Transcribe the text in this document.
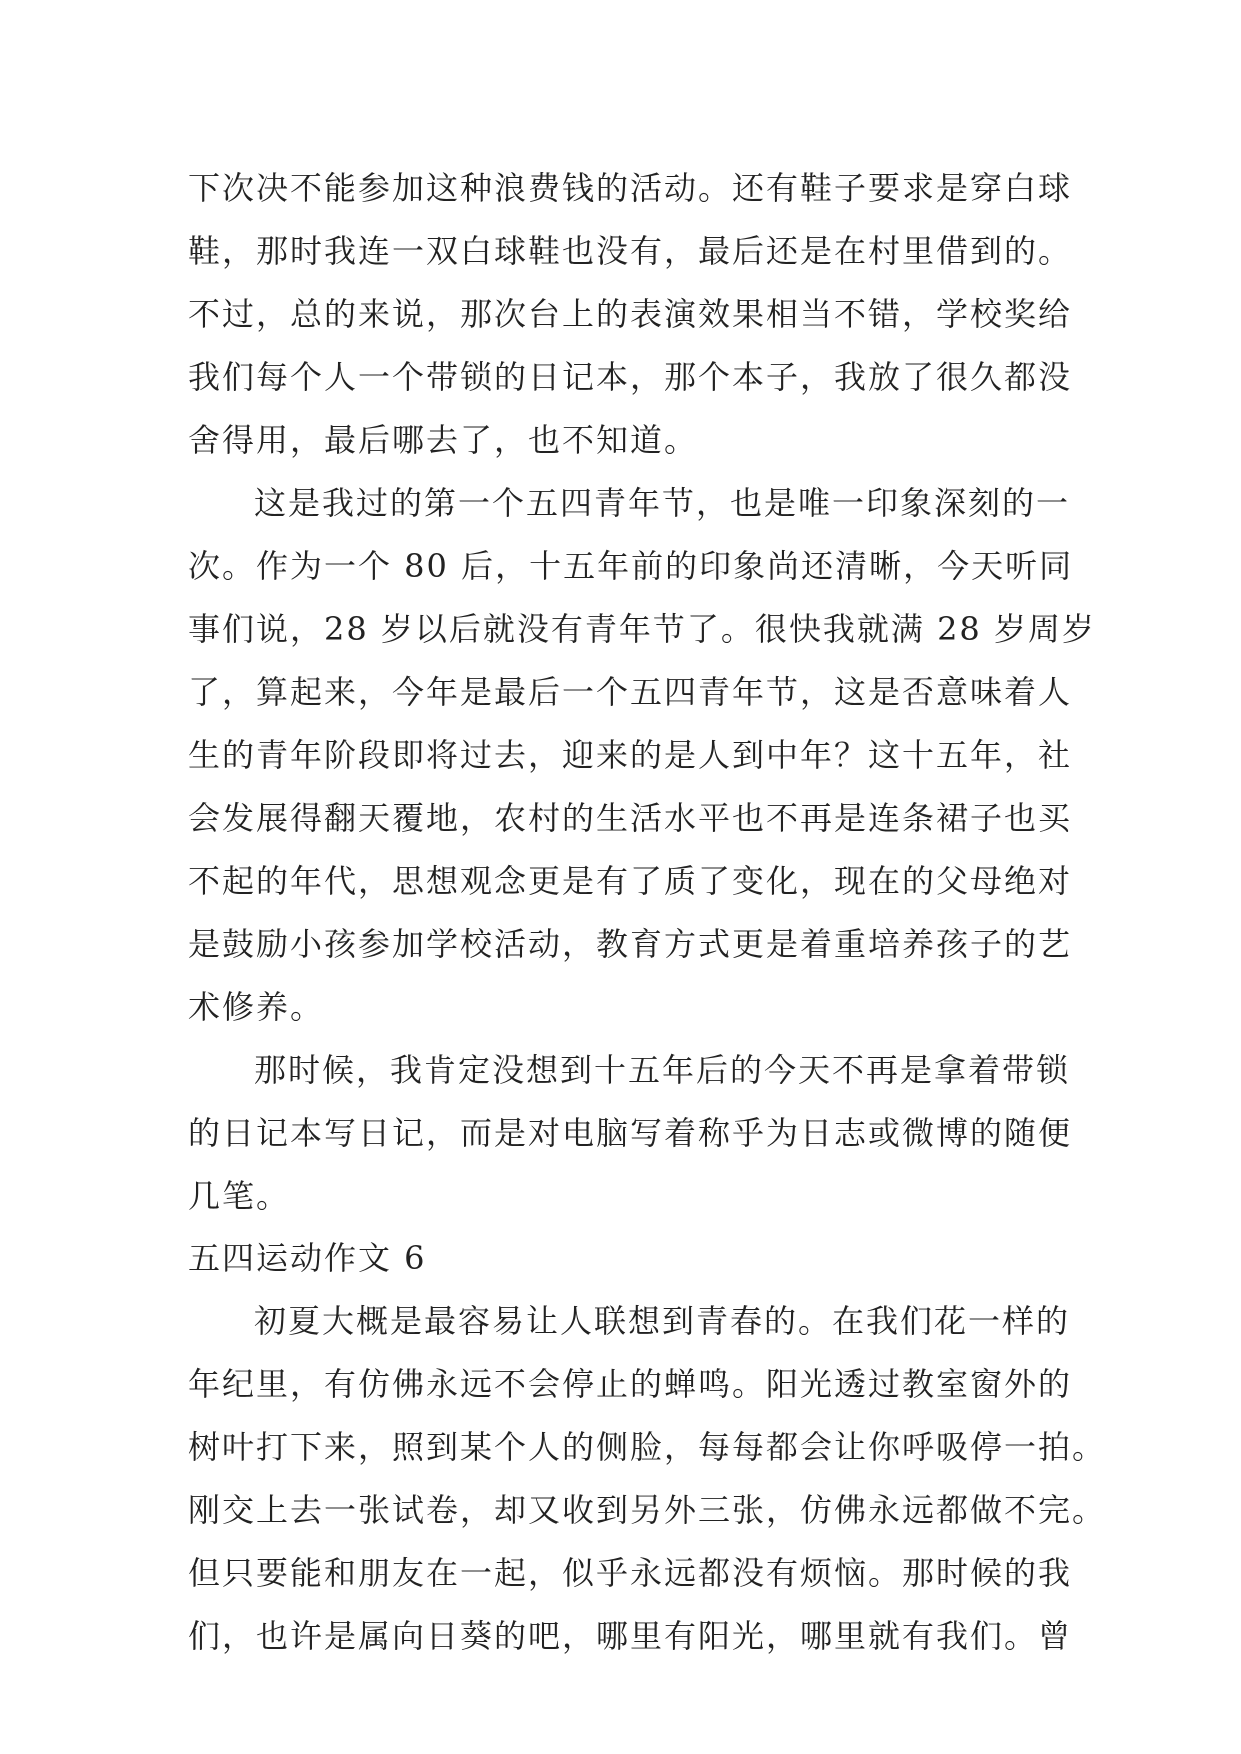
下次决不能参加这种浪费钱的活动。还有鞋子要求是穿白球
鞋，那时我连一双白球鞋也没有，最后还是在村里借到的。
不过，总的来说，那次台上的表演效果相当不错，学校奖给
我们每个人一个带锁的日记本，那个本子，我放了很久都没
舍得用，最后哪去了，也不知道。
这是我过的第一个五四青年节，也是唯一印象深刻的一
次。作为一个 80 后，十五年前的印象尚还清晰，今天听同
事们说，28 岁以后就没有青年节了。很快我就满 28 岁周岁
了，算起来，今年是最后一个五四青年节，这是否意味着人
生的青年阶段即将过去，迎来的是人到中年？这十五年，社
会发展得翻天覆地，农村的生活水平也不再是连条裙子也买
不起的年代，思想观念更是有了质了变化，现在的父母绝对
是鼓励小孩参加学校活动，教育方式更是着重培养孩子的艺
术修养。
那时候，我肯定没想到十五年后的今天不再是拿着带锁
的日记本写日记，而是对电脑写着称乎为日志或微博的随便
几笔。
五四运动作文 6
初夏大概是最容易让人联想到青春的。在我们花一样的
年纪里，有仿佛永远不会停止的蝉鸣。阳光透过教室窗外的
树叶打下来，照到某个人的侧脸，每每都会让你呼吸停一拍。
刚交上去一张试卷，却又收到另外三张，仿佛永远都做不完。
但只要能和朋友在一起，似乎永远都没有烦恼。那时候的我
们，也许是属向日葵的吧，哪里有阳光，哪里就有我们。曾
